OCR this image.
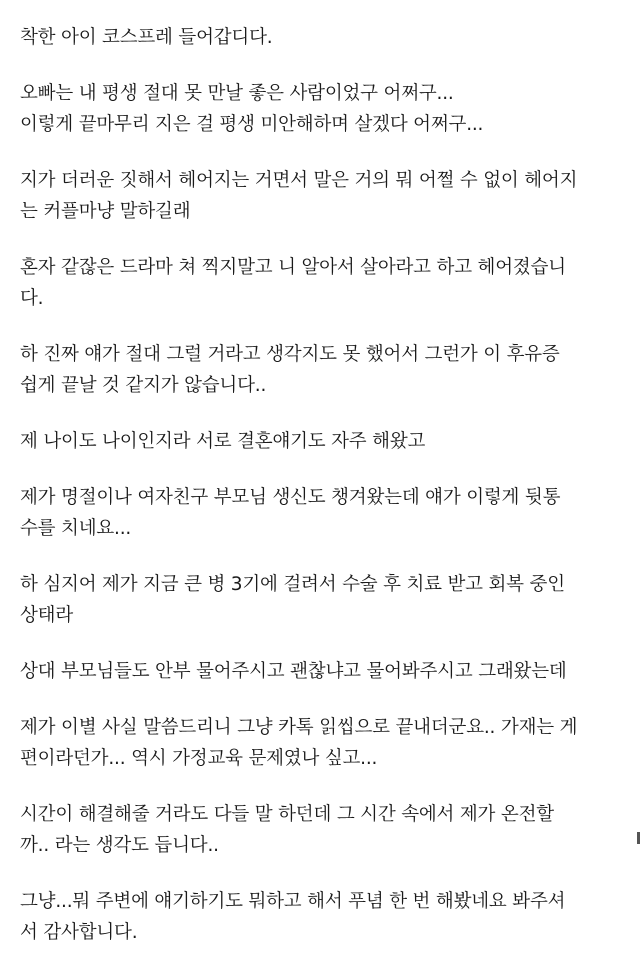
착한 아이 코스프레 들어갑디다.
오빠는 내 평생 절대 못 만날 좋은 사람이었구 어쩌구...
이렇게 끝마무리 지은 걸 평생 미안해하며 살겠다 어쩌구...
지가 더러운 짓해서 헤어지는 거면서 말은 거의 뭐 어쩔 수 없이 헤어지
는 커플마냥 말하길래
혼자 같잖은 드라마 쳐 찍지말고 니 알아서 살아라고 하고 헤어졌습니
다.
하 진짜 얘가 절대 그럴 거라고 생각지도 못 했어서 그런가 이 후유증
쉽게 끝날 것 같지가 않습니다..
제 나이도 나이인지라 서로 결혼얘기도 자주 해왔고
제가 명절이나 여자친구 부모님 생신도 챙겨왔는데 얘가 이렇게 뒷통
수를 치네요...
하 심지어 제가 지금 큰 병 3기에 걸려서 수술 후 치료 받고 회복 중인
상태라
상대 부모님들도 안부 물어주시고 괜찮냐고 물어봐주시고 그래왔는데
제가 이별 사실 말씀드리니 그냥 카톡 읽씹으로 끝내더군요.. 가재는 게
편이라던가... 역시 가정교육 문제였나 싶고...
시간이 해결해줄 거라도 다들 말 하던데 그 시간 속에서 제가 온전할
까.. 라는 생각도 듭니다..
그냥...뭐 주변에 얘기하기도 뭐하고 해서 푸념 한 번 해봤네요 봐주셔
서 감사합니다.
